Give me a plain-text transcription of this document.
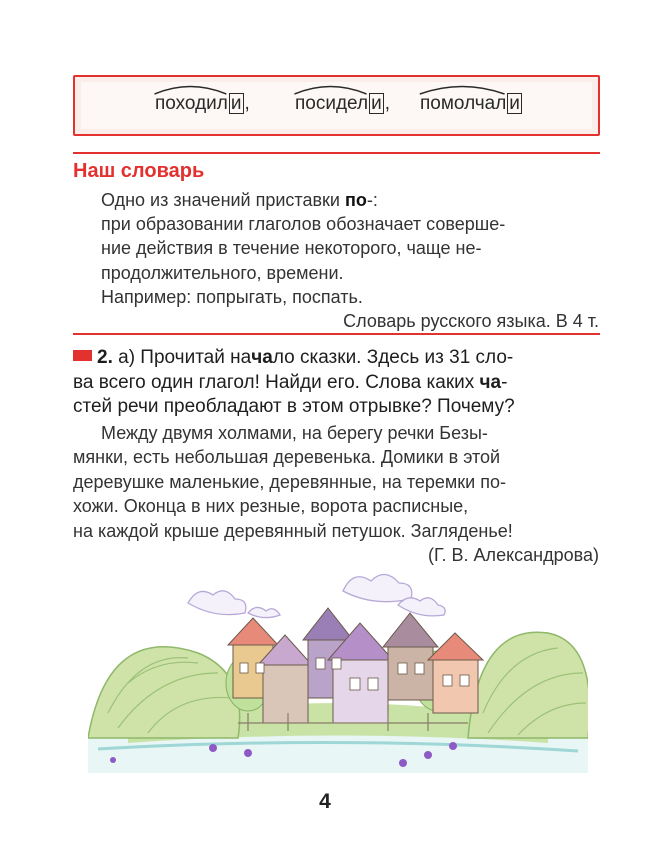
походил и , посидел и , помолчал и
Наш словарь
Одно из значений приставки по-:
при образовании глаголов обозначает соверше-
ние действия в течение некоторого, чаще не-
продолжительного, времени.
Например: попрыгать, поспать.
Словарь русского языка. В 4 т.
2. а) Прочитай начало сказки. Здесь из 31 сло-
ва всего один глагол! Найди его. Слова каких ча-
стей речи преобладают в этом отрывке? Почему?
Между двумя холмами, на берегу речки Безы-
мянки, есть небольшая деревенька. Домики в этой
деревушке маленькие, деревянные, на теремки по-
хожи. Оконца в них резные, ворота расписные,
на каждой крыше деревянный петушок. Загляденье!
(Г. В. Александрова)
4
